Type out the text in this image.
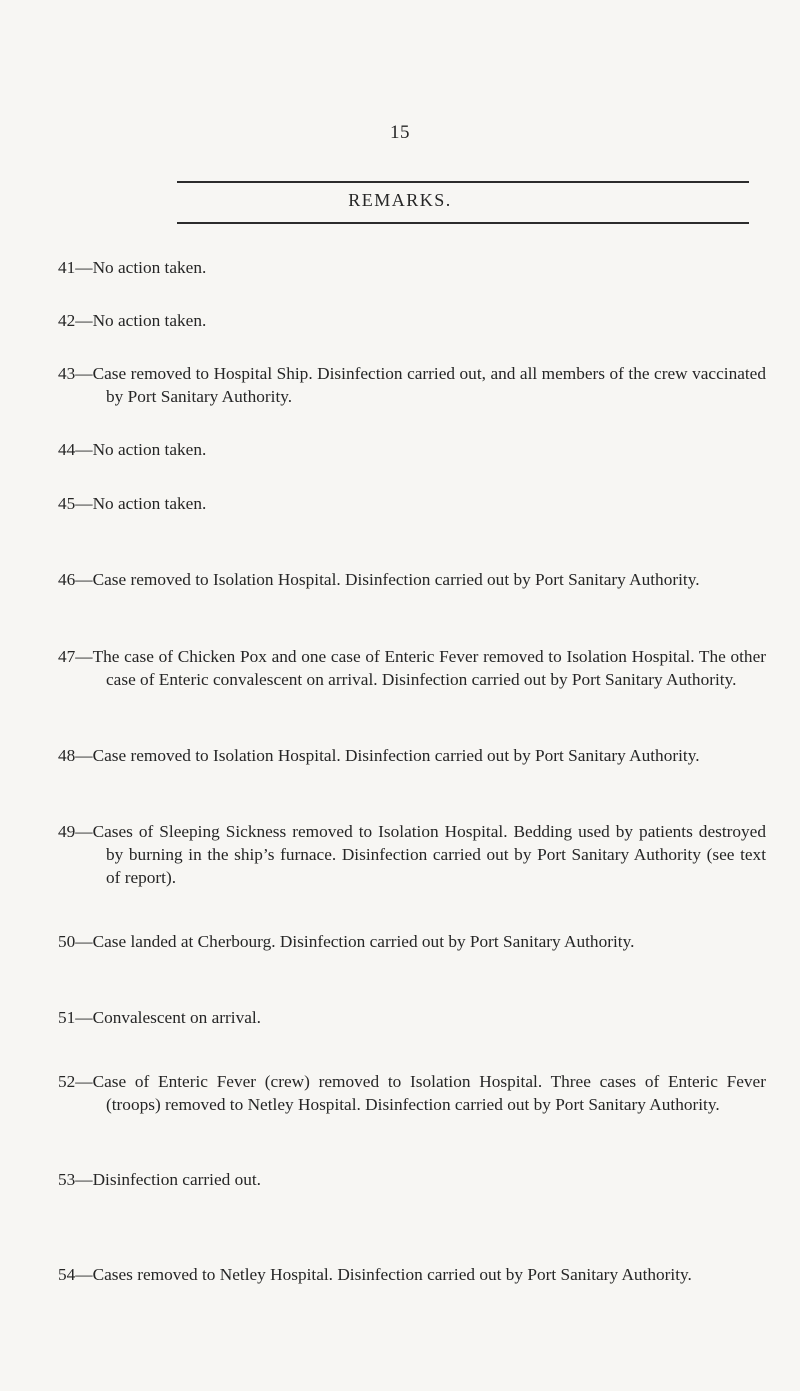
15
REMARKS.

41—No action taken.

42—No action taken.

43—Case removed to Hospital Ship. Disinfection carried out, and all members of the crew vaccinated by Port Sanitary Authority.

44—No action taken.

45—No action taken.

46—Case removed to Isolation Hospital. Disinfection carried out by Port Sanitary Authority.

47—The case of Chicken Pox and one case of Enteric Fever removed to Isolation Hospital. The other case of Enteric convalescent on arrival. Disinfection carried out by Port Sanitary Authority.

48—Case removed to Isolation Hospital. Disinfection carried out by Port Sanitary Authority.

49—Cases of Sleeping Sickness removed to Isolation Hospital. Bedding used by patients destroyed by burning in the ship’s furnace. Disinfection carried out by Port Sanitary Authority (see text of report).

50—Case landed at Cherbourg. Disinfection carried out by Port Sanitary Authority.

51—Convalescent on arrival.

52—Case of Enteric Fever (crew) removed to Isolation Hospital. Three cases of Enteric Fever (troops) removed to Netley Hospital. Disinfection carried out by Port Sanitary Authority.

53—Disinfection carried out.

54—Cases removed to Netley Hospital. Disinfection carried out by Port Sanitary Authority.
